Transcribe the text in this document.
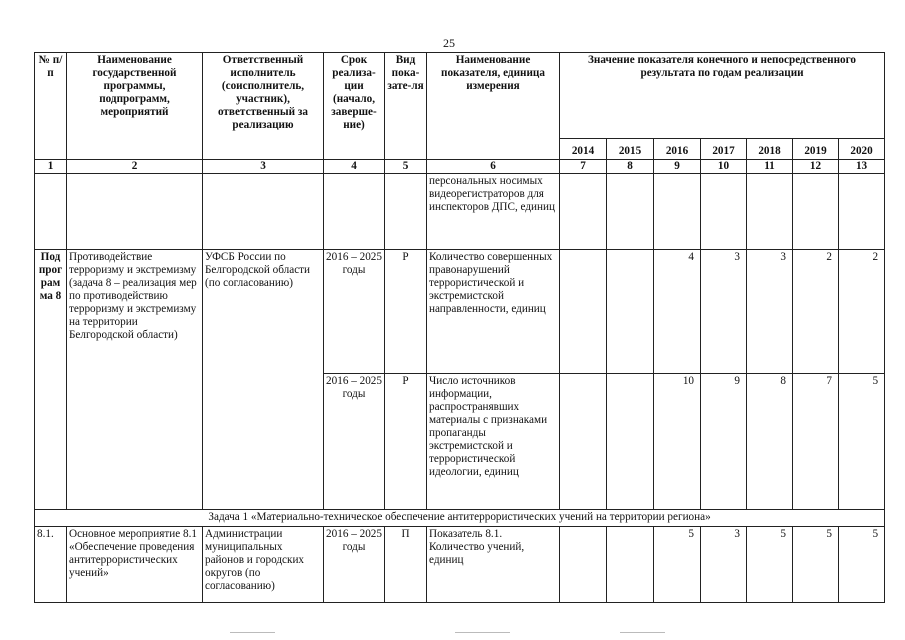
25
№ п/п	Наименование государственной программы, подпрограмм, мероприятий	Ответственный исполнитель (соисполнитель, участник), ответственный за реализацию	Срок реализа-ции (начало, заверше-ние)	Вид пока-зате-ля	Наименование показателя, единица измерения	Значение показателя конечного и непосредственного результата по годам реализации						
						2014	2015	2016	2017	2018	2019	2020
1	2	3	4	5	6	7	8	9	10	11	12	13
					персональных носимых видеорегистраторов для инспекторов ДПС, единиц							
Под прог рам ма 8	Противодействие терроризму и экстремизму (задача 8 – реализация мер по противодействию терроризму и экстремизму на территории Белгородской области)	УФСБ России по Белгородской области (по согласованию)	2016 – 2025 годы	Р	Количество совершенных правонарушений террористической и экстремистской направленности, единиц			4	3	3	2	2
			2016 – 2025 годы	Р	Число источников информации, распространявших материалы с признаками пропаганды экстремистской и террористической идеологии, единиц			10	9	8	7	5
Задача 1 «Материально-техническое обеспечение антитеррористических учений на территории региона»												
8.1.	Основное мероприятие 8.1 «Обеспечение проведения антитеррористических учений»	Администрации муниципальных районов и городских округов (по согласованию)	2016 – 2025 годы	П	Показатель 8.1. Количество учений, единиц			5	3	5	5	5
